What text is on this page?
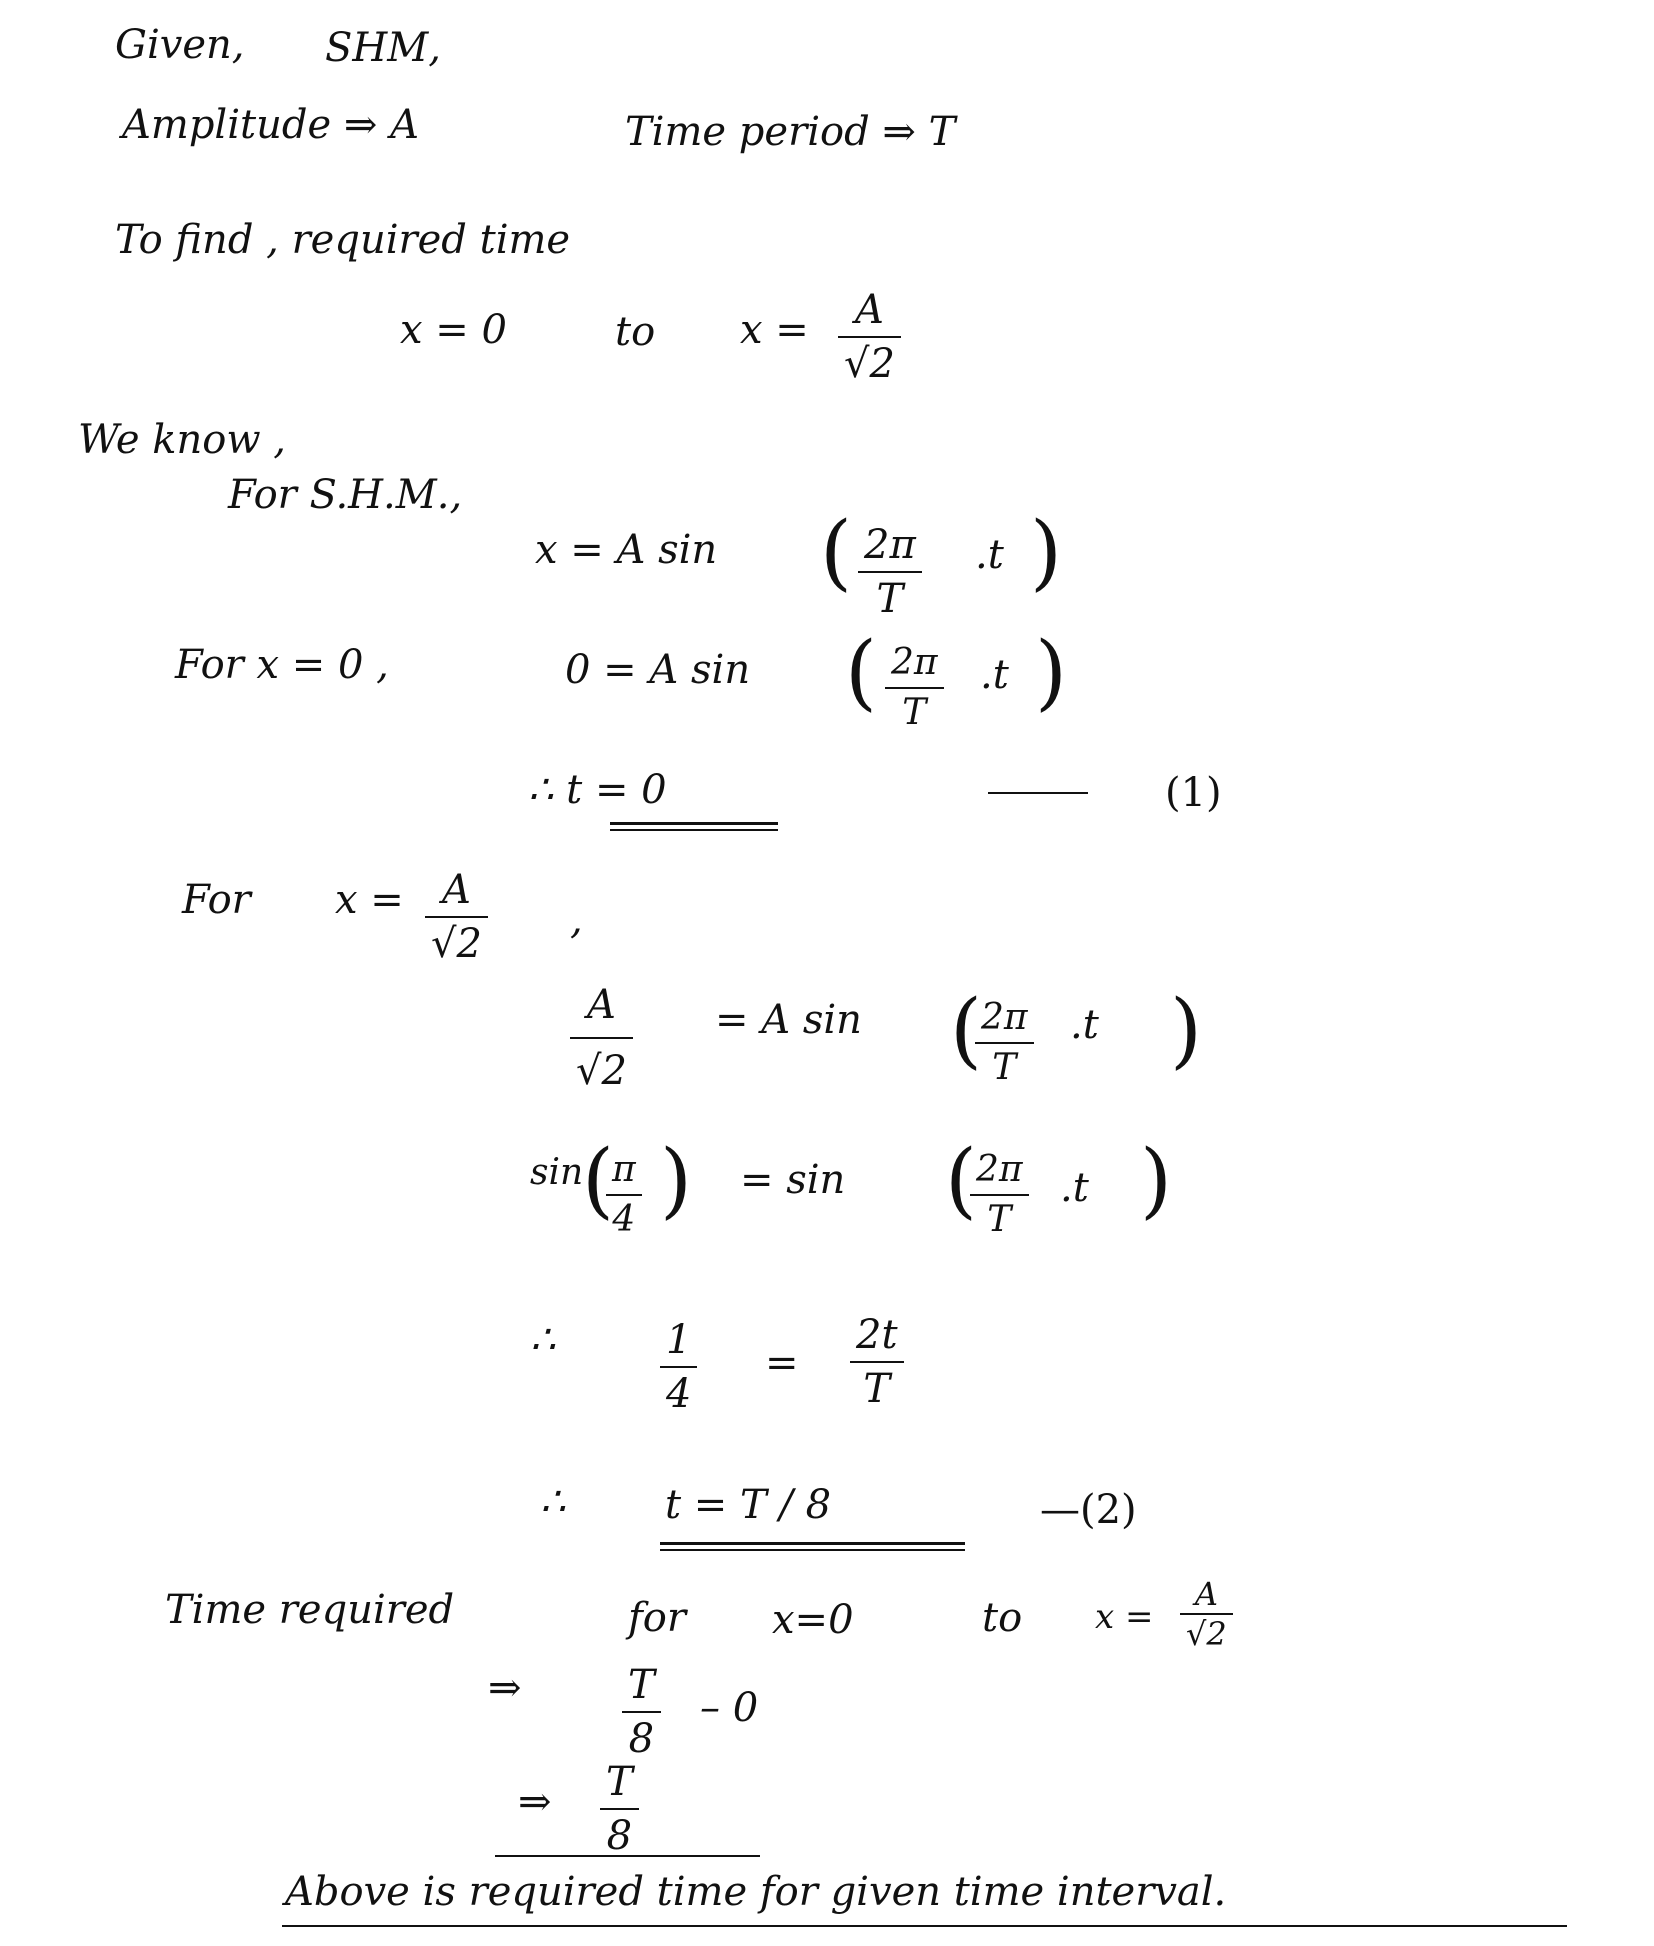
Given, SHM,
Amplitude ⇒ A	Time period ⇒ T
To find , required time
x = 0	to x = A
√2
We know ,
For S.H.M.,
x = A sin ( 2π
T
.t )
For x = 0 ,	0 = A sin ( 2π
T
.t )
∴ t = 0	(1)
For x = A
√2
,
A
√2
= A sin ( 2π
T
.t )
sin
(
π
4 ) = sin ( 2π
T
.t )
∴	1
4
=
2t
T
∴ t = T / 8	—(2)
Time required	for x=0	to x =
A
√2
⇒	T
8
– 0
⇒ T
8
Above is required time for given time interval.
